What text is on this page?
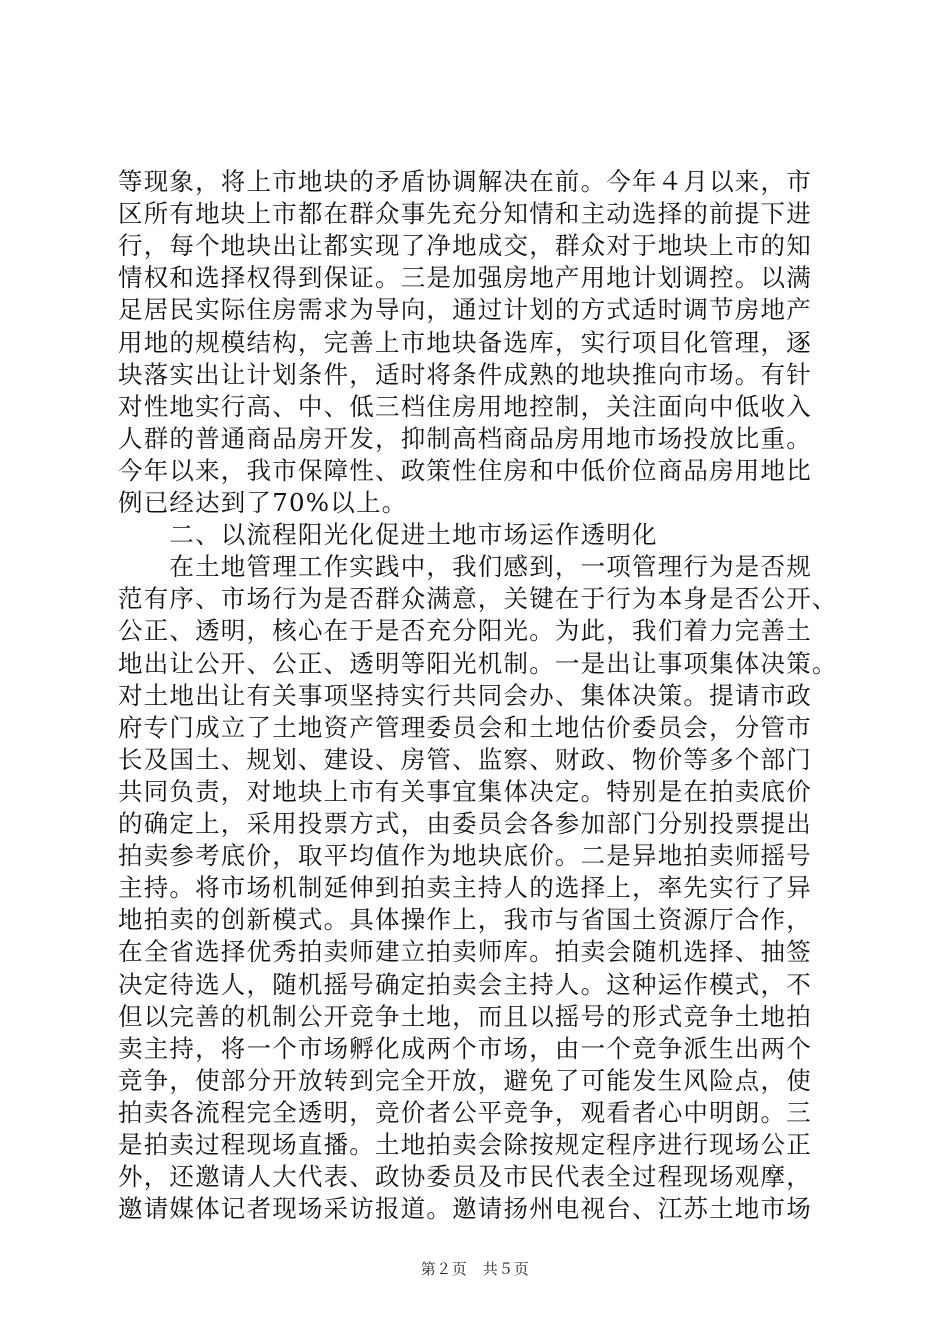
等现象，将上市地块的矛盾协调解决在前。今年４月以来，市
区所有地块上市都在群众事先充分知情和主动选择的前提下进
行，每个地块出让都实现了净地成交，群众对于地块上市的知
情权和选择权得到保证。三是加强房地产用地计划调控。以满
足居民实际住房需求为导向，通过计划的方式适时调节房地产
用地的规模结构，完善上市地块备选库，实行项目化管理，逐
块落实出让计划条件，适时将条件成熟的地块推向市场。有针
对性地实行高、中、低三档住房用地控制，关注面向中低收入
人群的普通商品房开发，抑制高档商品房用地市场投放比重。
今年以来，我市保障性、政策性住房和中低价位商品房用地比
例已经达到了70%以上。
　　二、以流程阳光化促进土地市场运作透明化
　　在土地管理工作实践中，我们感到，一项管理行为是否规
范有序、市场行为是否群众满意，关键在于行为本身是否公开、
公正、透明，核心在于是否充分阳光。为此，我们着力完善土
地出让公开、公正、透明等阳光机制。一是出让事项集体决策。
对土地出让有关事项坚持实行共同会办、集体决策。提请市政
府专门成立了土地资产管理委员会和土地估价委员会，分管市
长及国土、规划、建设、房管、监察、财政、物价等多个部门
共同负责，对地块上市有关事宜集体决定。特别是在拍卖底价
的确定上，采用投票方式，由委员会各参加部门分别投票提出
拍卖参考底价，取平均值作为地块底价。二是异地拍卖师摇号
主持。将市场机制延伸到拍卖主持人的选择上，率先实行了异
地拍卖的创新模式。具体操作上，我市与省国土资源厅合作，
在全省选择优秀拍卖师建立拍卖师库。拍卖会随机选择、抽签
决定待选人，随机摇号确定拍卖会主持人。这种运作模式，不
但以完善的机制公开竞争土地，而且以摇号的形式竞争土地拍
卖主持，将一个市场孵化成两个市场，由一个竞争派生出两个
竞争，使部分开放转到完全开放，避免了可能发生风险点，使
拍卖各流程完全透明，竞价者公平竞争，观看者心中明朗。三
是拍卖过程现场直播。土地拍卖会除按规定程序进行现场公正
外，还邀请人大代表、政协委员及市民代表全过程现场观摩，
邀请媒体记者现场采访报道。邀请扬州电视台、江苏土地市场
第２页　共５页
